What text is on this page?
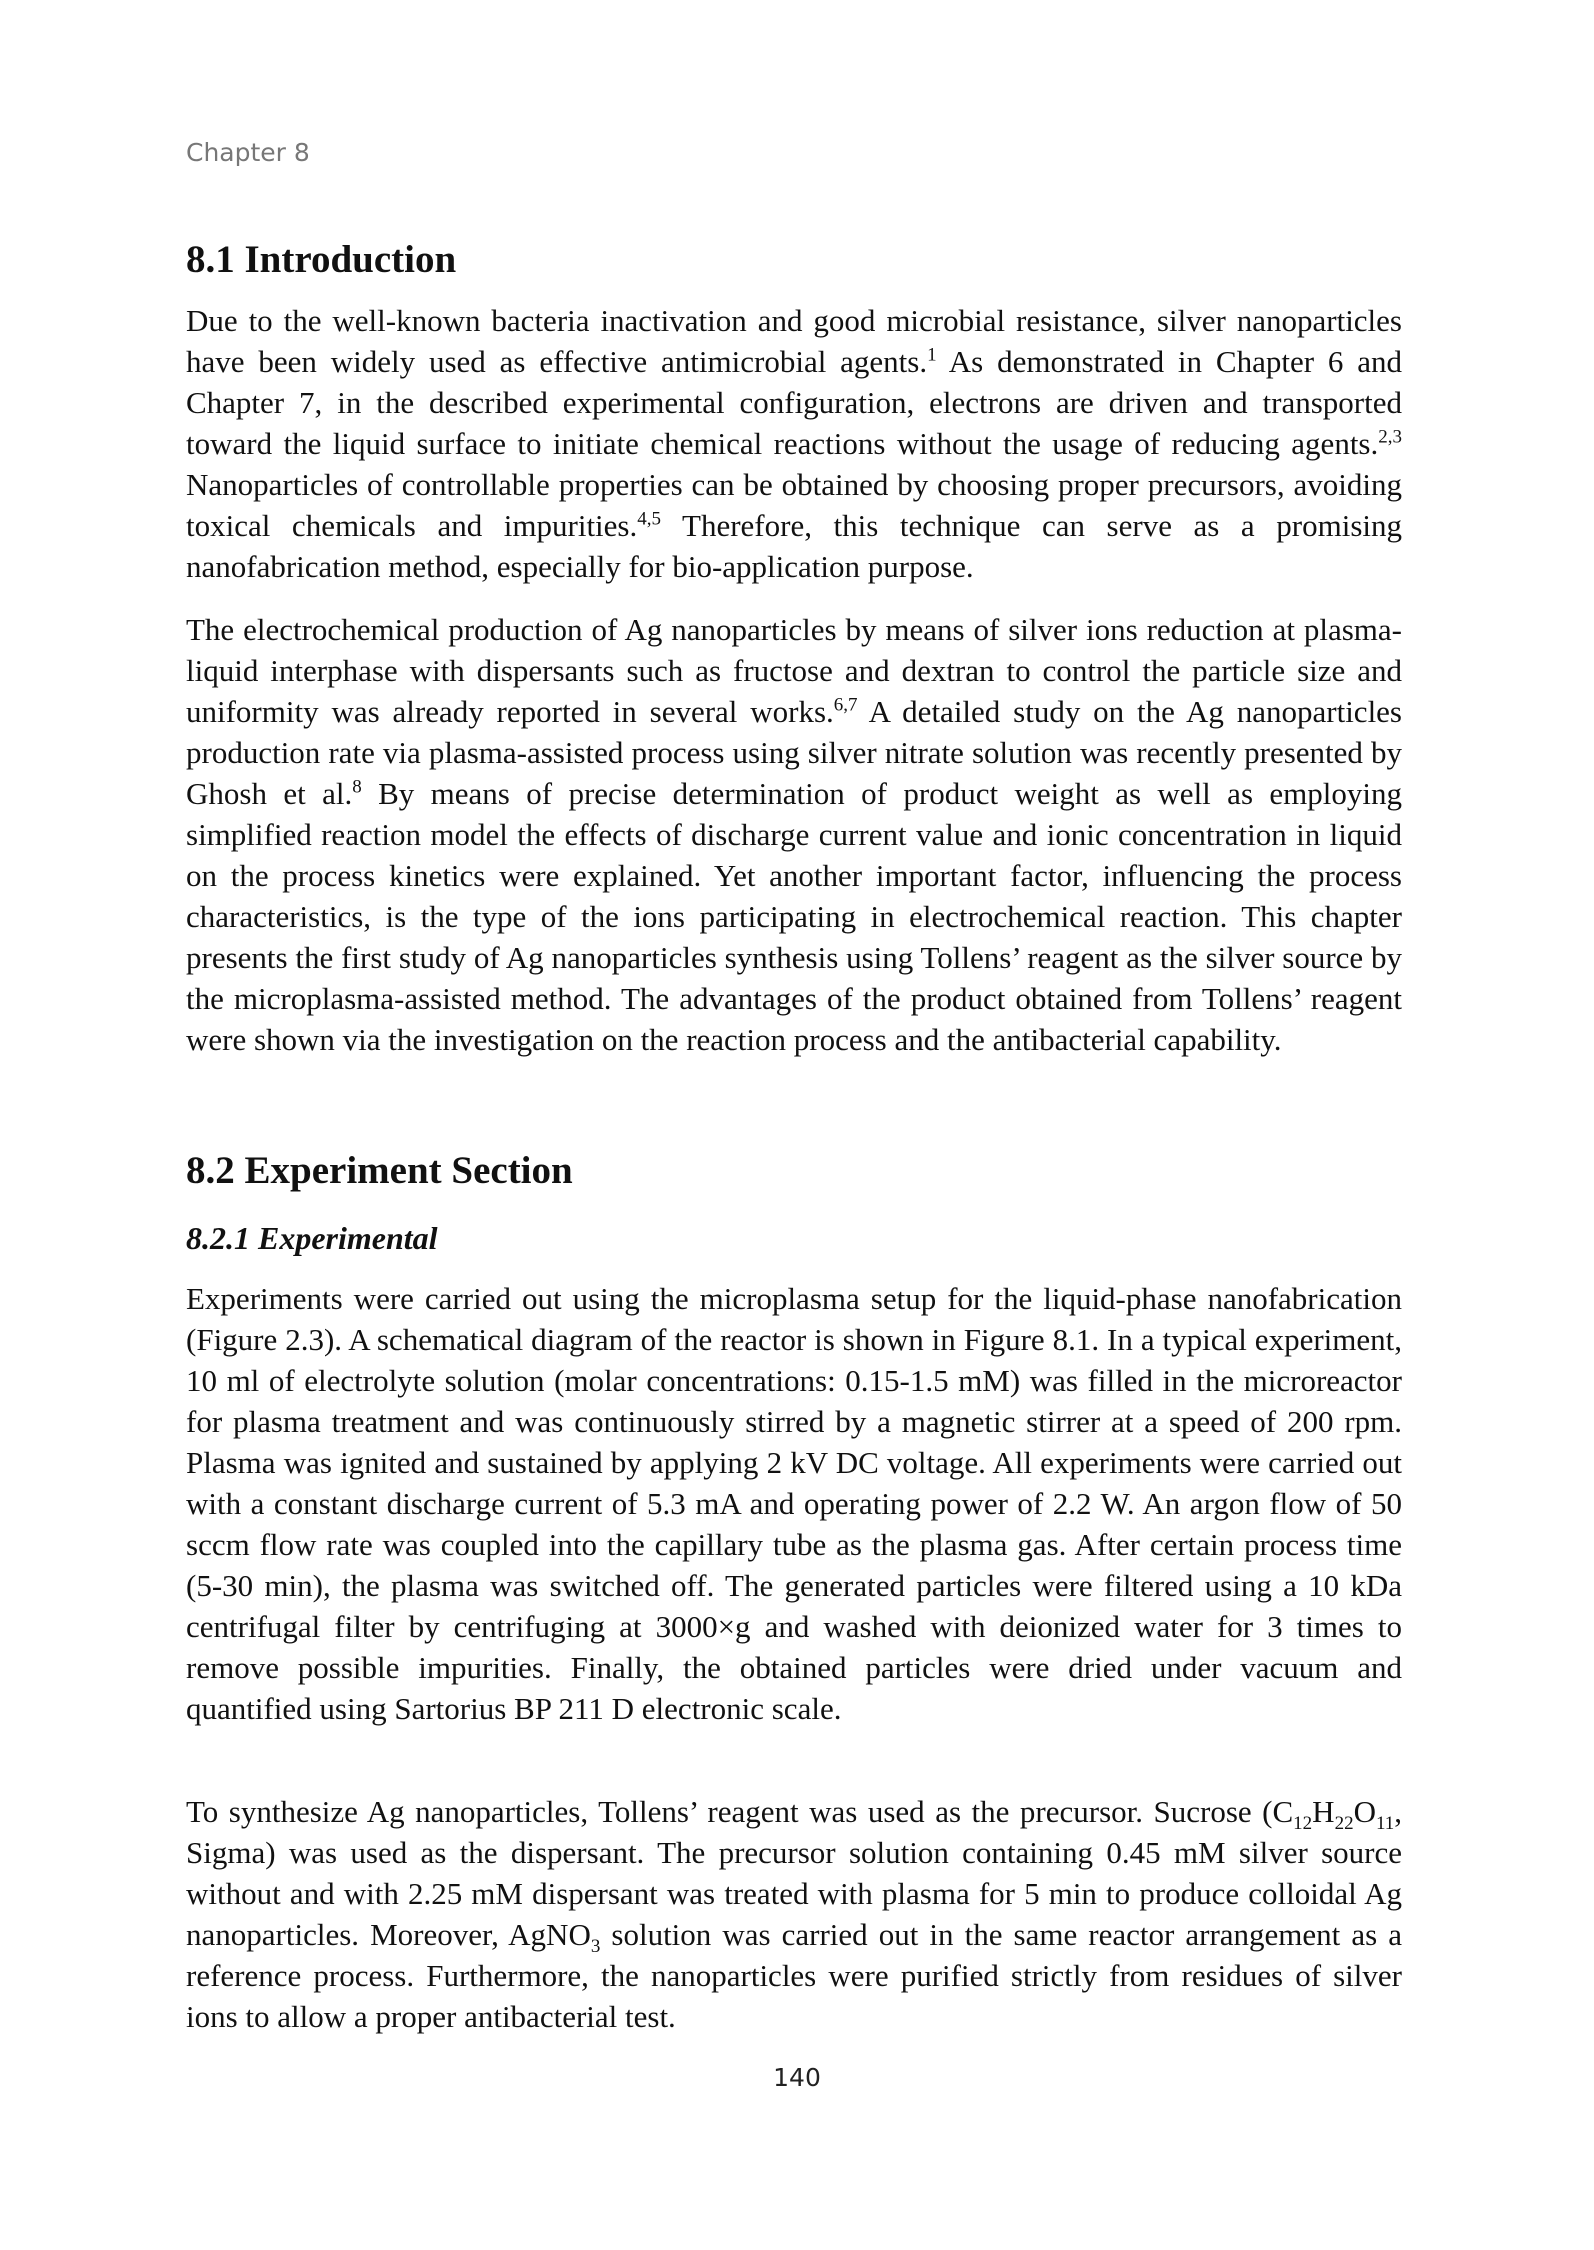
Chapter 8
8.1 Introduction

Due to the well-known bacteria inactivation and good microbial resistance, silver nanoparticles have been widely used as effective antimicrobial agents.$^1$ As demonstrated in Chapter 6 and Chapter 7, in the described experimental configuration, electrons are driven and transported toward the liquid surface to initiate chemical reactions without the usage of reducing agents.$^{2,3}$ Nanoparticles of controllable properties can be obtained by choosing proper precursors, avoiding toxical chemicals and impurities.$^{4,5}$ Therefore, this technique can serve as a promising nanofabrication method, especially for bio-application purpose.

The electrochemical production of Ag nanoparticles by means of silver ions reduction at plasma-liquid interphase with dispersants such as fructose and dextran to control the particle size and uniformity was already reported in several works.$^{6,7}$ A detailed study on the Ag nanoparticles production rate via plasma-assisted process using silver nitrate solution was recently presented by Ghosh et al.$^8$ By means of precise determination of product weight as well as employing simplified reaction model the effects of discharge current value and ionic concentration in liquid on the process kinetics were explained. Yet another important factor, influencing the process characteristics, is the type of the ions participating in electrochemical reaction. This chapter presents the first study of Ag nanoparticles synthesis using Tollens’ reagent as the silver source by the microplasma-assisted method. The advantages of the product obtained from Tollens’ reagent were shown via the investigation on the reaction process and the antibacterial capability.

8.2 Experiment Section
8.2.1 Experimental

Experiments were carried out using the microplasma setup for the liquid-phase nanofabrication (Figure 2.3). A schematical diagram of the reactor is shown in Figure 8.1. In a typical experiment, 10 ml of electrolyte solution (molar concentrations: 0.15-1.5 mM) was filled in the microreactor for plasma treatment and was continuously stirred by a magnetic stirrer at a speed of 200 rpm. Plasma was ignited and sustained by applying 2 kV DC voltage. All experiments were carried out with a constant discharge current of 5.3 mA and operating power of 2.2 W. An argon flow of 50 sccm flow rate was coupled into the capillary tube as the plasma gas. After certain process time (5-30 min), the plasma was switched off. The generated particles were filtered using a 10 kDa centrifugal filter by centrifuging at 3000×g and washed with deionized water for 3 times to remove possible impurities. Finally, the obtained particles were dried under vacuum and quantified using Sartorius BP 211 D electronic scale.

To synthesize Ag nanoparticles, Tollens’ reagent was used as the precursor. Sucrose ($C_{12}H_{22}O_{11}$, Sigma) was used as the dispersant. The precursor solution containing 0.45 mM silver source without and with 2.25 mM dispersant was treated with plasma for 5 min to produce colloidal Ag nanoparticles. Moreover, AgNO$_3$ solution was carried out in the same reactor arrangement as a reference process. Furthermore, the nanoparticles were purified strictly from residues of silver ions to allow a proper antibacterial test.

140
